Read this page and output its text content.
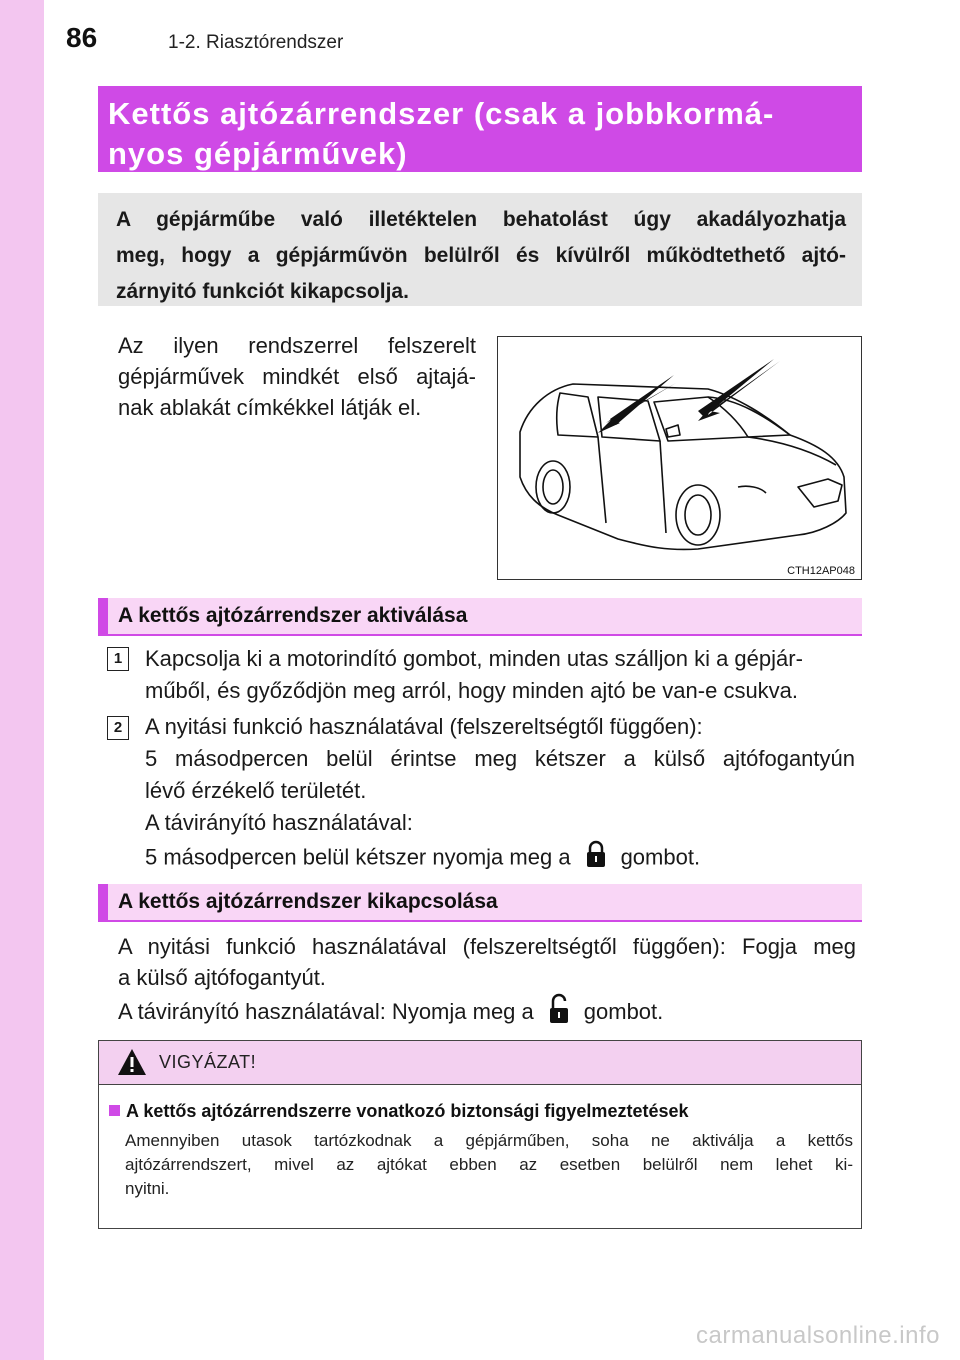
86	1-2. Riasztórendszer
Kettős ajtózárrendszer (csak a jobbkormá-
nyos gépjárművek)
A gépjárműbe való illetéktelen behatolást úgy akadályozhatja
meg, hogy a gépjárművön belülről és kívülről működtethető ajtó-
zárnyitó funkciót kikapcsolja.
Az ilyen rendszerrel felszerelt
gépjárművek mindkét első ajtajá-
nak ablakát címkékkel látják el.
CTH12AP048
A kettős ajtózárrendszer aktiválása
1	Kapcsolja ki a motorindító gombot, minden utas szálljon ki a gépjár-
műből, és győződjön meg arról, hogy minden ajtó be van-e csukva.
2	A nyitási funkció használatával (felszereltségtől függően):
5 másodpercen belül érintse meg kétszer a külső ajtófogantyún
lévő érzékelő területét.
A távirányító használatával:
5 másodpercen belül kétszer nyomja meg a gombot.
A kettős ajtózárrendszer kikapcsolása
A nyitási funkció használatával (felszereltségtől függően): Fogja meg
a külső ajtófogantyút.
A távirányító használatával: Nyomja meg a gombot.
VIGYÁZAT!
A kettős ajtózárrendszerre vonatkozó biztonsági figyelmeztetések
Amennyiben utasok tartózkodnak a gépjárműben, soha ne aktiválja a kettős
ajtózárrendszert, mivel az ajtókat ebben az esetben belülről nem lehet ki-
nyitni.
carmanualsonline.info
